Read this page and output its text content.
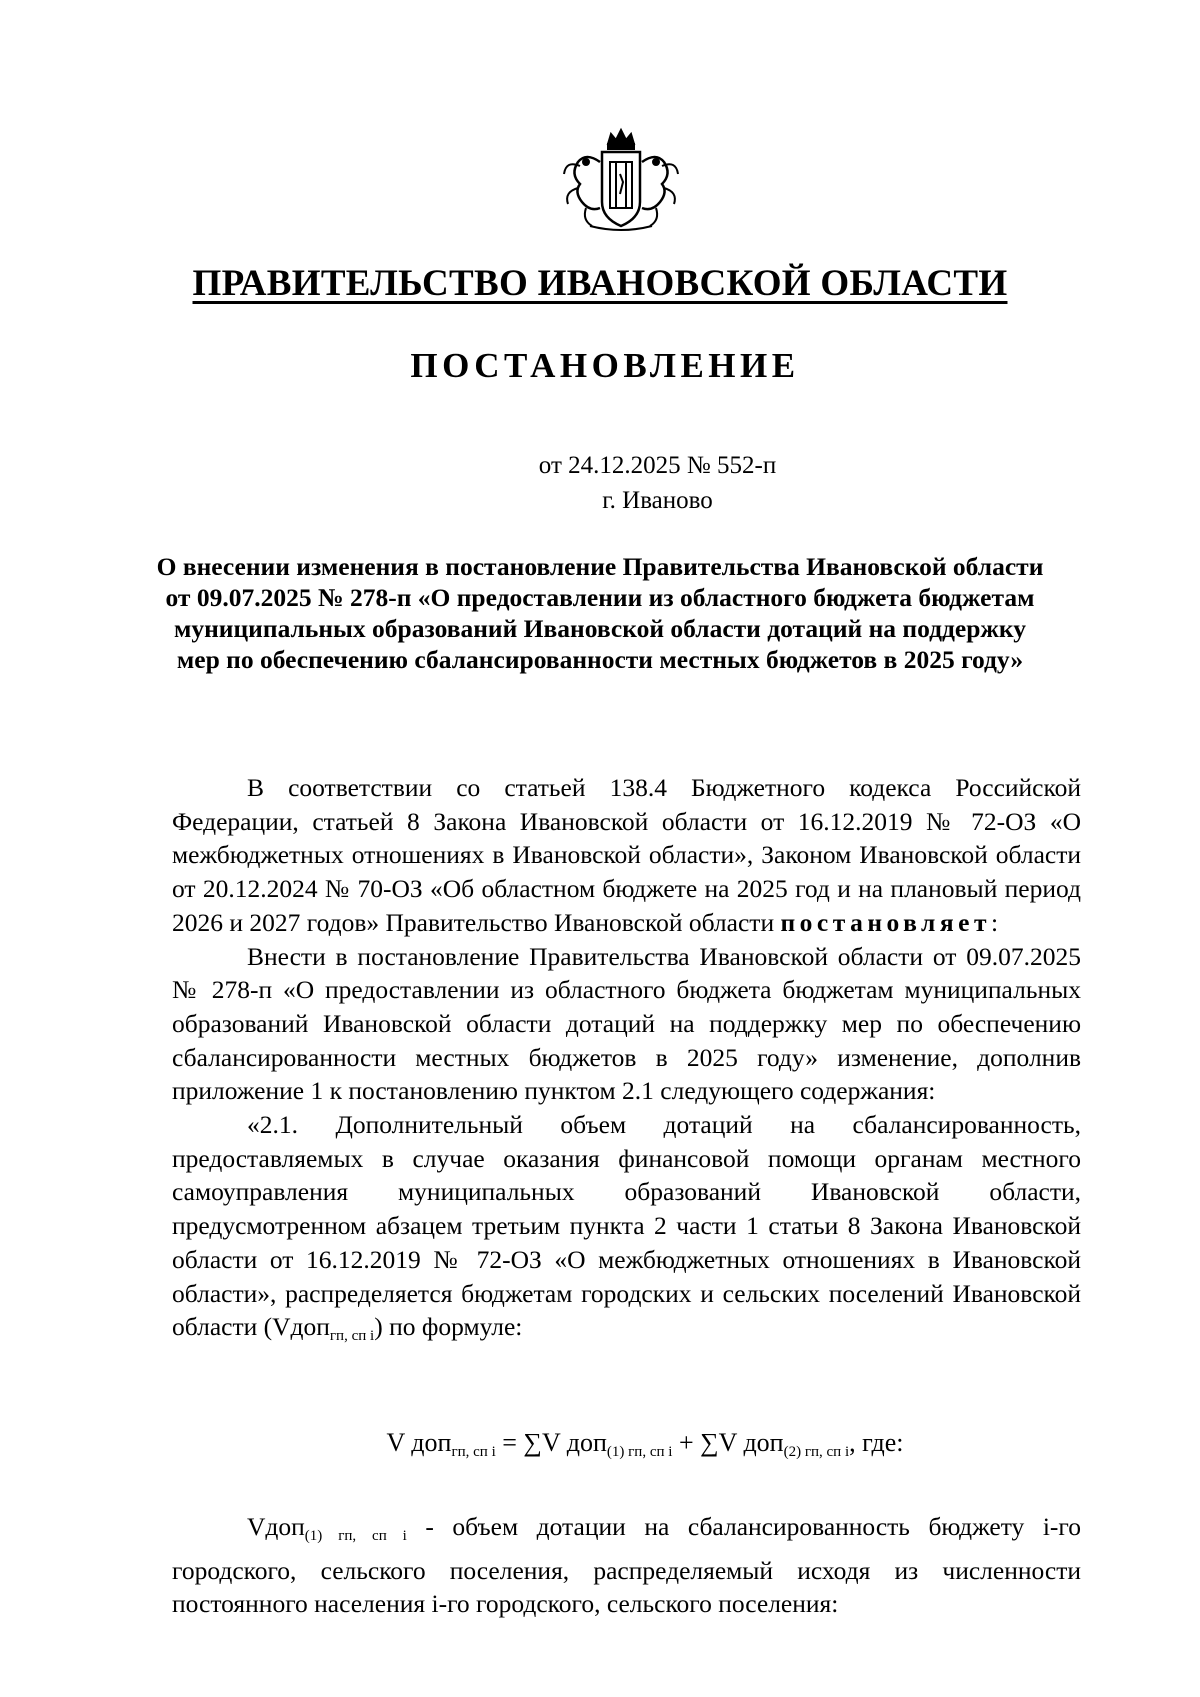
ПРАВИТЕЛЬСТВО ИВАНОВСКОЙ ОБЛАСТИ
ПОСТАНОВЛЕНИЕ
от 24.12.2025 № 552-п
г. Иваново
О внесении изменения в постановление Правительства Ивановской области от 09.07.2025 № 278-п «О предоставлении из областного бюджета бюджетам муниципальных образований Ивановской области дотаций на поддержку мер по обеспечению сбалансированности местных бюджетов в 2025 году»

В соответствии со статьей 138.4 Бюджетного кодекса Российской Федерации, статьей 8 Закона Ивановской области от 16.12.2019 № 72-ОЗ «О межбюджетных отношениях в Ивановской области», Законом Ивановской области от 20.12.2024 № 70-ОЗ «Об областном бюджете на 2025 год и на плановый период 2026 и 2027 годов» Правительство Ивановской области постановляет:

Внести в постановление Правительства Ивановской области от 09.07.2025 № 278-п «О предоставлении из областного бюджета бюджетам муниципальных образований Ивановской области дотаций на поддержку мер по обеспечению сбалансированности местных бюджетов в 2025 году» изменение, дополнив приложение 1 к постановлению пунктом 2.1 следующего содержания:

«2.1. Дополнительный объем дотаций на сбалансированность, предоставляемых в случае оказания финансовой помощи органам местного самоуправления муниципальных образований Ивановской области, предусмотренном абзацем третьим пункта 2 части 1 статьи 8 Закона Ивановской области от 16.12.2019 № 72-ОЗ «О межбюджетных отношениях в Ивановской области», распределяется бюджетам городских и сельских поселений Ивановской области (Vдоп$_{гп, сп i}$) по формуле:

V доп$_{гп, сп i}$ = ∑V доп$_{(1) гп, сп i}$ + ∑V доп$_{(2) гп, сп i}$, где:

Vдоп$_{(1) гп, сп i}$ - объем дотации на сбалансированность бюджету i-го городского, сельского поселения, распределяемый исходя из численности постоянного населения i-го городского, сельского поселения:
